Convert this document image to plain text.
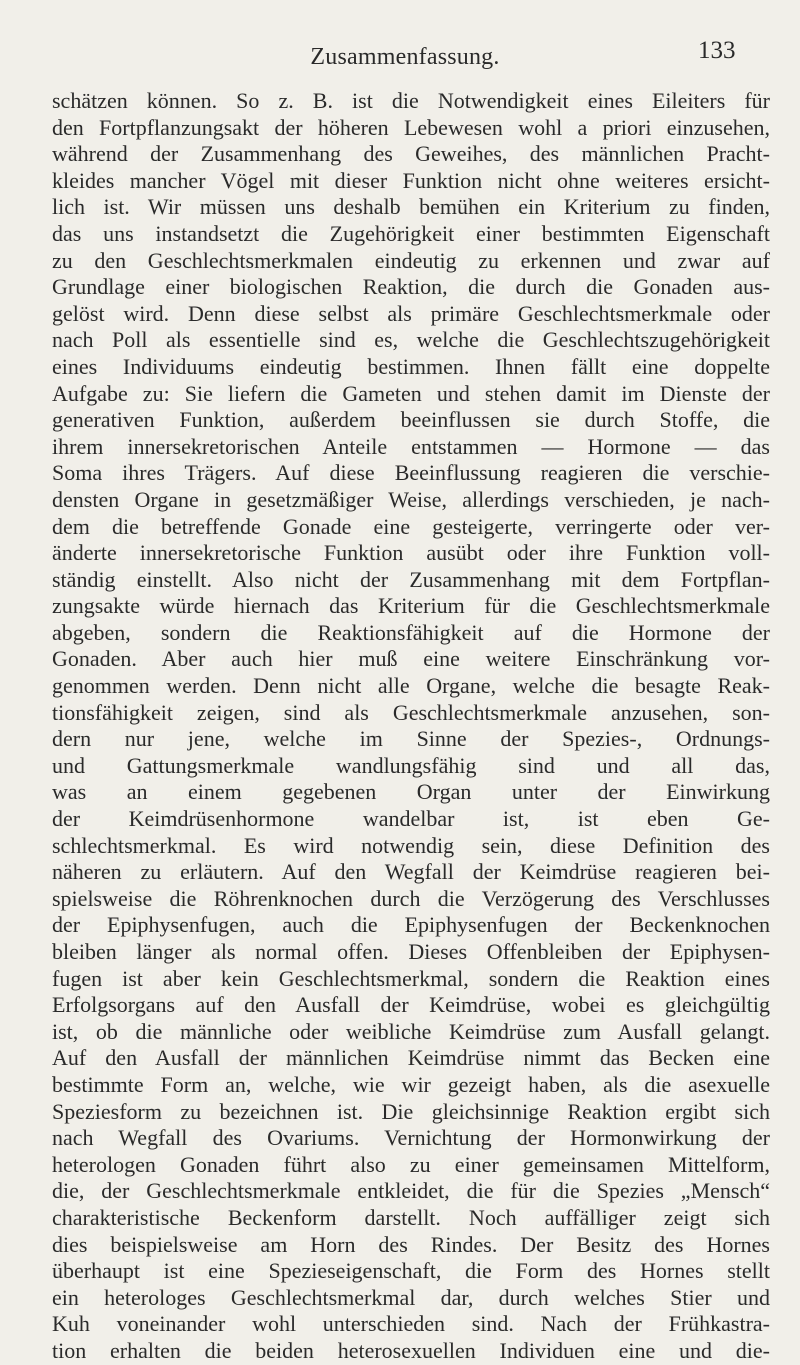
Zusammenfassung.	133
schätzen können. So z. B. ist die Notwendigkeit eines Eileiters für
den Fortpflanzungsakt der höheren Lebewesen wohl a priori einzusehen,
während der Zusammenhang des Geweihes, des männlichen Pracht-
kleides mancher Vögel mit dieser Funktion nicht ohne weiteres ersicht-
lich ist. Wir müssen uns deshalb bemühen ein Kriterium zu finden,
das uns instandsetzt die Zugehörigkeit einer bestimmten Eigenschaft
zu den Geschlechtsmerkmalen eindeutig zu erkennen und zwar auf
Grundlage einer biologischen Reaktion, die durch die Gonaden aus-
gelöst wird. Denn diese selbst als primäre Geschlechtsmerkmale oder
nach Poll als essentielle sind es, welche die Geschlechtszugehörigkeit
eines Individuums eindeutig bestimmen. Ihnen fällt eine doppelte
Aufgabe zu: Sie liefern die Gameten und stehen damit im Dienste der
generativen Funktion, außerdem beeinflussen sie durch Stoffe, die
ihrem innersekretorischen Anteile entstammen — Hormone — das
Soma ihres Trägers. Auf diese Beeinflussung reagieren die verschie-
densten Organe in gesetzmäßiger Weise, allerdings verschieden, je nach-
dem die betreffende Gonade eine gesteigerte, verringerte oder ver-
änderte innersekretorische Funktion ausübt oder ihre Funktion voll-
ständig einstellt. Also nicht der Zusammenhang mit dem Fortpflan-
zungsakte würde hiernach das Kriterium für die Geschlechtsmerkmale
abgeben, sondern die Reaktionsfähigkeit auf die Hormone der
Gonaden. Aber auch hier muß eine weitere Einschränkung vor-
genommen werden. Denn nicht alle Organe, welche die besagte Reak-
tionsfähigkeit zeigen, sind als Geschlechtsmerkmale anzusehen, son-
dern nur jene, welche im Sinne der Spezies-, Ordnungs-
und Gattungsmerkmale wandlungsfähig sind und all das,
was an einem gegebenen Organ unter der Einwirkung
der Keimdrüsenhormone wandelbar ist, ist eben Ge-
schlechtsmerkmal. Es wird notwendig sein, diese Definition des
näheren zu erläutern. Auf den Wegfall der Keimdrüse reagieren bei-
spielsweise die Röhrenknochen durch die Verzögerung des Verschlusses
der Epiphysenfugen, auch die Epiphysenfugen der Beckenknochen
bleiben länger als normal offen. Dieses Offenbleiben der Epiphysen-
fugen ist aber kein Geschlechtsmerkmal, sondern die Reaktion eines
Erfolgsorgans auf den Ausfall der Keimdrüse, wobei es gleichgültig
ist, ob die männliche oder weibliche Keimdrüse zum Ausfall gelangt.
Auf den Ausfall der männlichen Keimdrüse nimmt das Becken eine
bestimmte Form an, welche, wie wir gezeigt haben, als die asexuelle
Speziesform zu bezeichnen ist. Die gleichsinnige Reaktion ergibt sich
nach Wegfall des Ovariums. Vernichtung der Hormonwirkung der
heterologen Gonaden führt also zu einer gemeinsamen Mittelform,
die, der Geschlechtsmerkmale entkleidet, die für die Spezies „Mensch“
charakteristische Beckenform darstellt. Noch auffälliger zeigt sich
dies beispielsweise am Horn des Rindes. Der Besitz des Hornes
überhaupt ist eine Spezieseigenschaft, die Form des Hornes stellt
ein heterologes Geschlechtsmerkmal dar, durch welches Stier und
Kuh voneinander wohl unterschieden sind. Nach der Frühkastra-
tion erhalten die beiden heterosexuellen Individuen eine und die-
